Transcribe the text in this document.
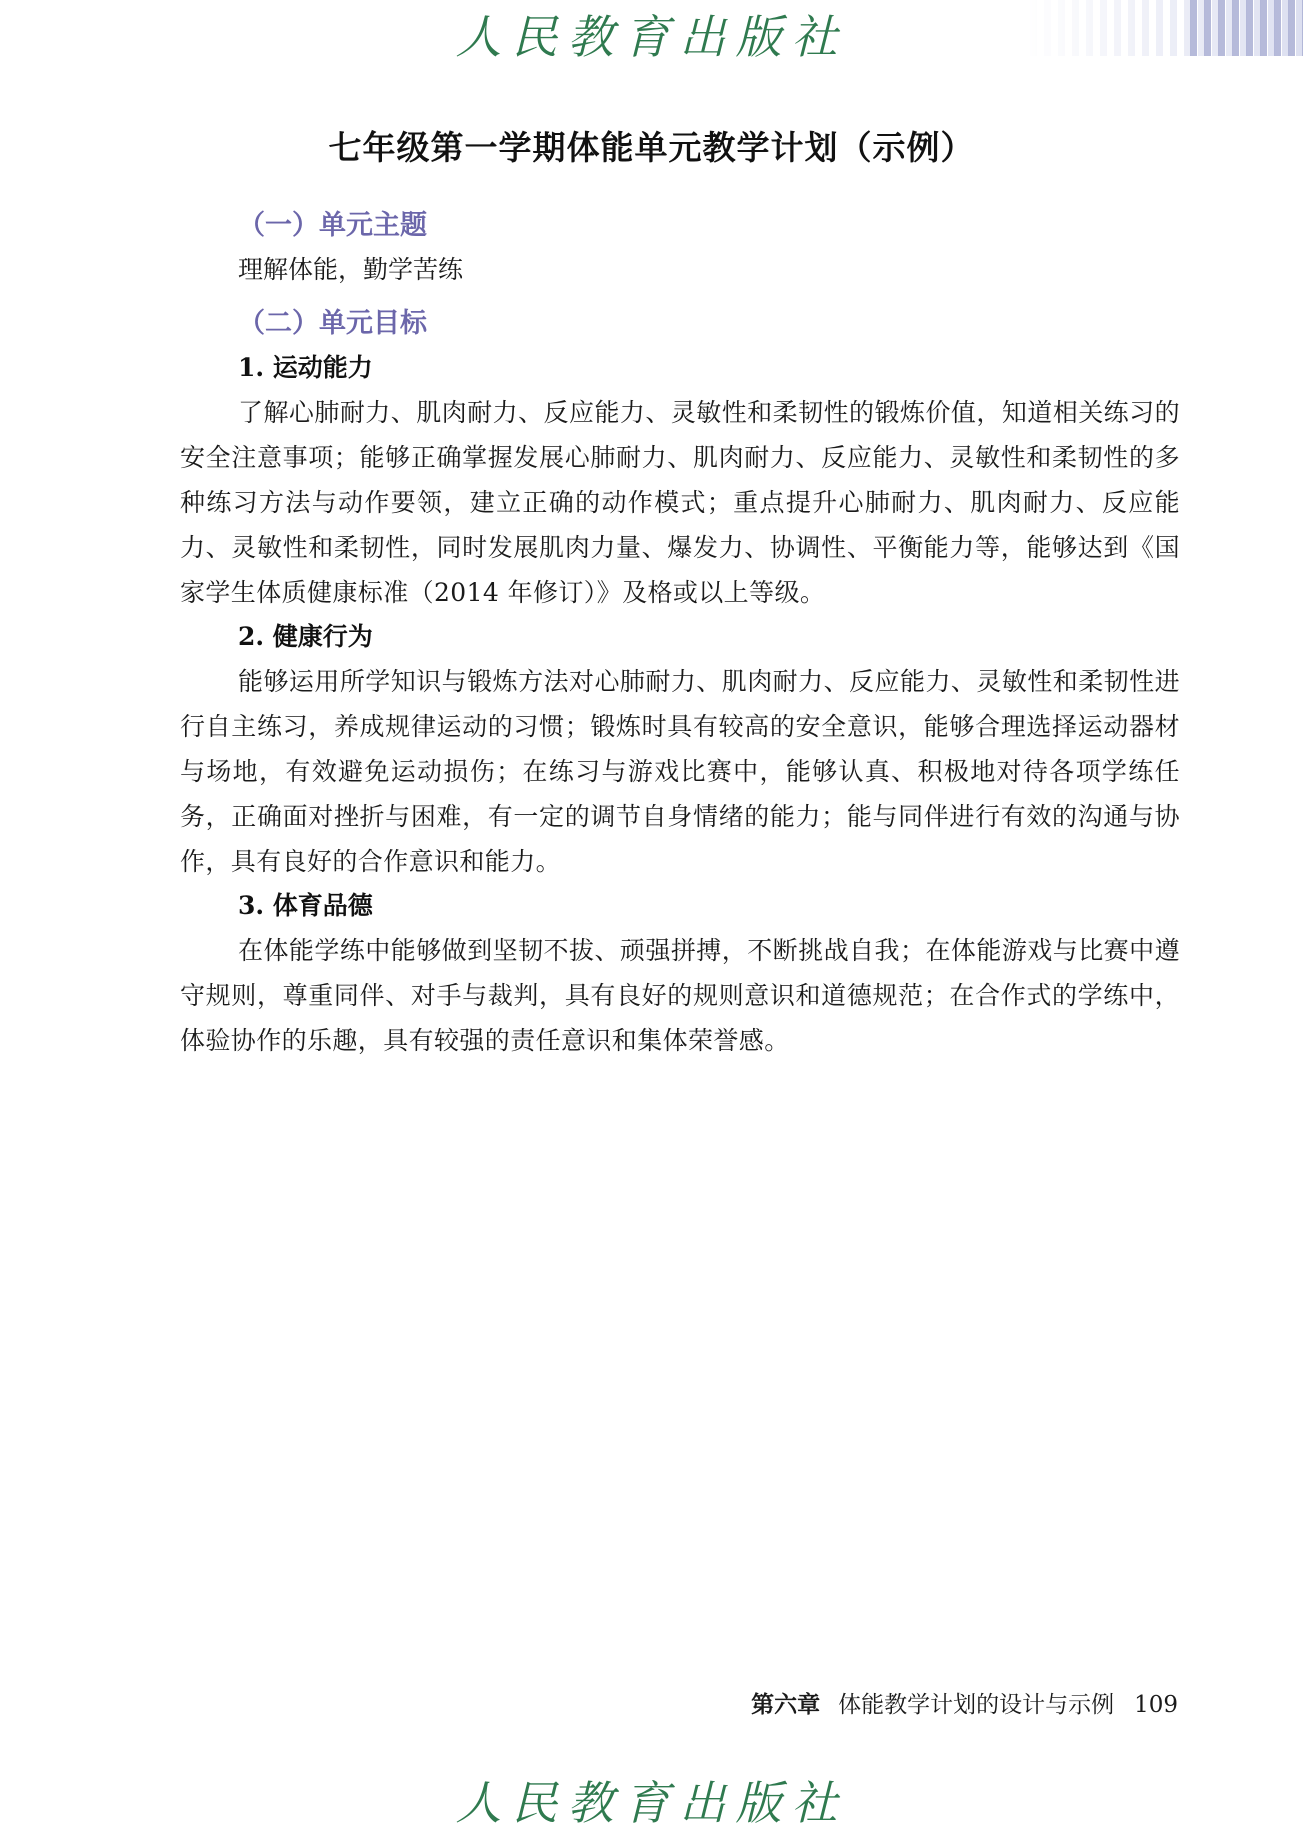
人民教育出版社
七年级第一学期体能单元教学计划（示例）
（一）单元主题
理解体能，勤学苦练
（二）单元目标
1. 运动能力

了解心肺耐力、肌肉耐力、反应能力、灵敏性和柔韧性的锻炼价值，知道相关练习的安全注意事项；能够正确掌握发展心肺耐力、肌肉耐力、反应能力、灵敏性和柔韧性的多种练习方法与动作要领，建立正确的动作模式；重点提升心肺耐力、肌肉耐力、反应能力、灵敏性和柔韧性，同时发展肌肉力量、爆发力、协调性、平衡能力等，能够达到《国家学生体质健康标准（2014 年修订）》及格或以上等级。

2. 健康行为

能够运用所学知识与锻炼方法对心肺耐力、肌肉耐力、反应能力、灵敏性和柔韧性进行自主练习，养成规律运动的习惯；锻炼时具有较高的安全意识，能够合理选择运动器材与场地，有效避免运动损伤；在练习与游戏比赛中，能够认真、积极地对待各项学练任务，正确面对挫折与困难，有一定的调节自身情绪的能力；能与同伴进行有效的沟通与协作，具有良好的合作意识和能力。

3. 体育品德

在体能学练中能够做到坚韧不拔、顽强拼搏，不断挑战自我；在体能游戏与比赛中遵守规则，尊重同伴、对手与裁判，具有良好的规则意识和道德规范；在合作式的学练中，体验协作的乐趣，具有较强的责任意识和集体荣誉感。

第六章 体能教学计划的设计与示例 109
人民教育出版社
